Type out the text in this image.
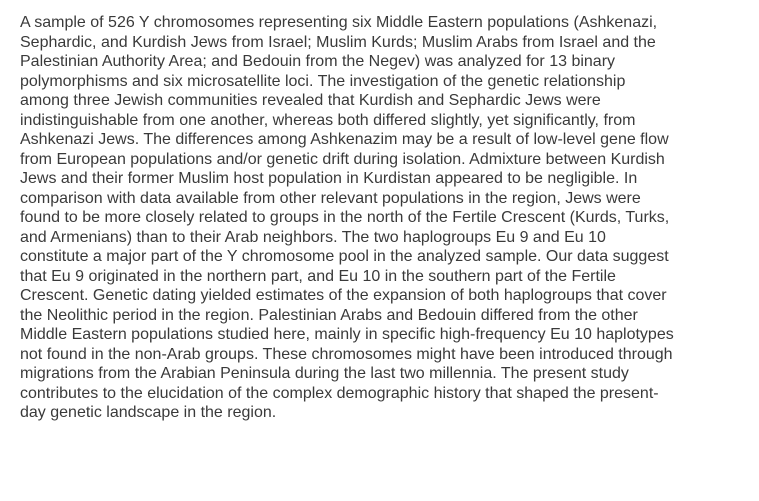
A sample of 526 Y chromosomes representing six Middle Eastern populations (Ashkenazi,
Sephardic, and Kurdish Jews from Israel; Muslim Kurds; Muslim Arabs from Israel and the
Palestinian Authority Area; and Bedouin from the Negev) was analyzed for 13 binary
polymorphisms and six microsatellite loci. The investigation of the genetic relationship
among three Jewish communities revealed that Kurdish and Sephardic Jews were
indistinguishable from one another, whereas both differed slightly, yet significantly, from
Ashkenazi Jews. The differences among Ashkenazim may be a result of low-level gene flow
from European populations and/or genetic drift during isolation. Admixture between Kurdish
Jews and their former Muslim host population in Kurdistan appeared to be negligible. In
comparison with data available from other relevant populations in the region, Jews were
found to be more closely related to groups in the north of the Fertile Crescent (Kurds, Turks,
and Armenians) than to their Arab neighbors. The two haplogroups Eu 9 and Eu 10
constitute a major part of the Y chromosome pool in the analyzed sample. Our data suggest
that Eu 9 originated in the northern part, and Eu 10 in the southern part of the Fertile
Crescent. Genetic dating yielded estimates of the expansion of both haplogroups that cover
the Neolithic period in the region. Palestinian Arabs and Bedouin differed from the other
Middle Eastern populations studied here, mainly in specific high-frequency Eu 10 haplotypes
not found in the non-Arab groups. These chromosomes might have been introduced through
migrations from the Arabian Peninsula during the last two millennia. The present study
contributes to the elucidation of the complex demographic history that shaped the present-
day genetic landscape in the region.
